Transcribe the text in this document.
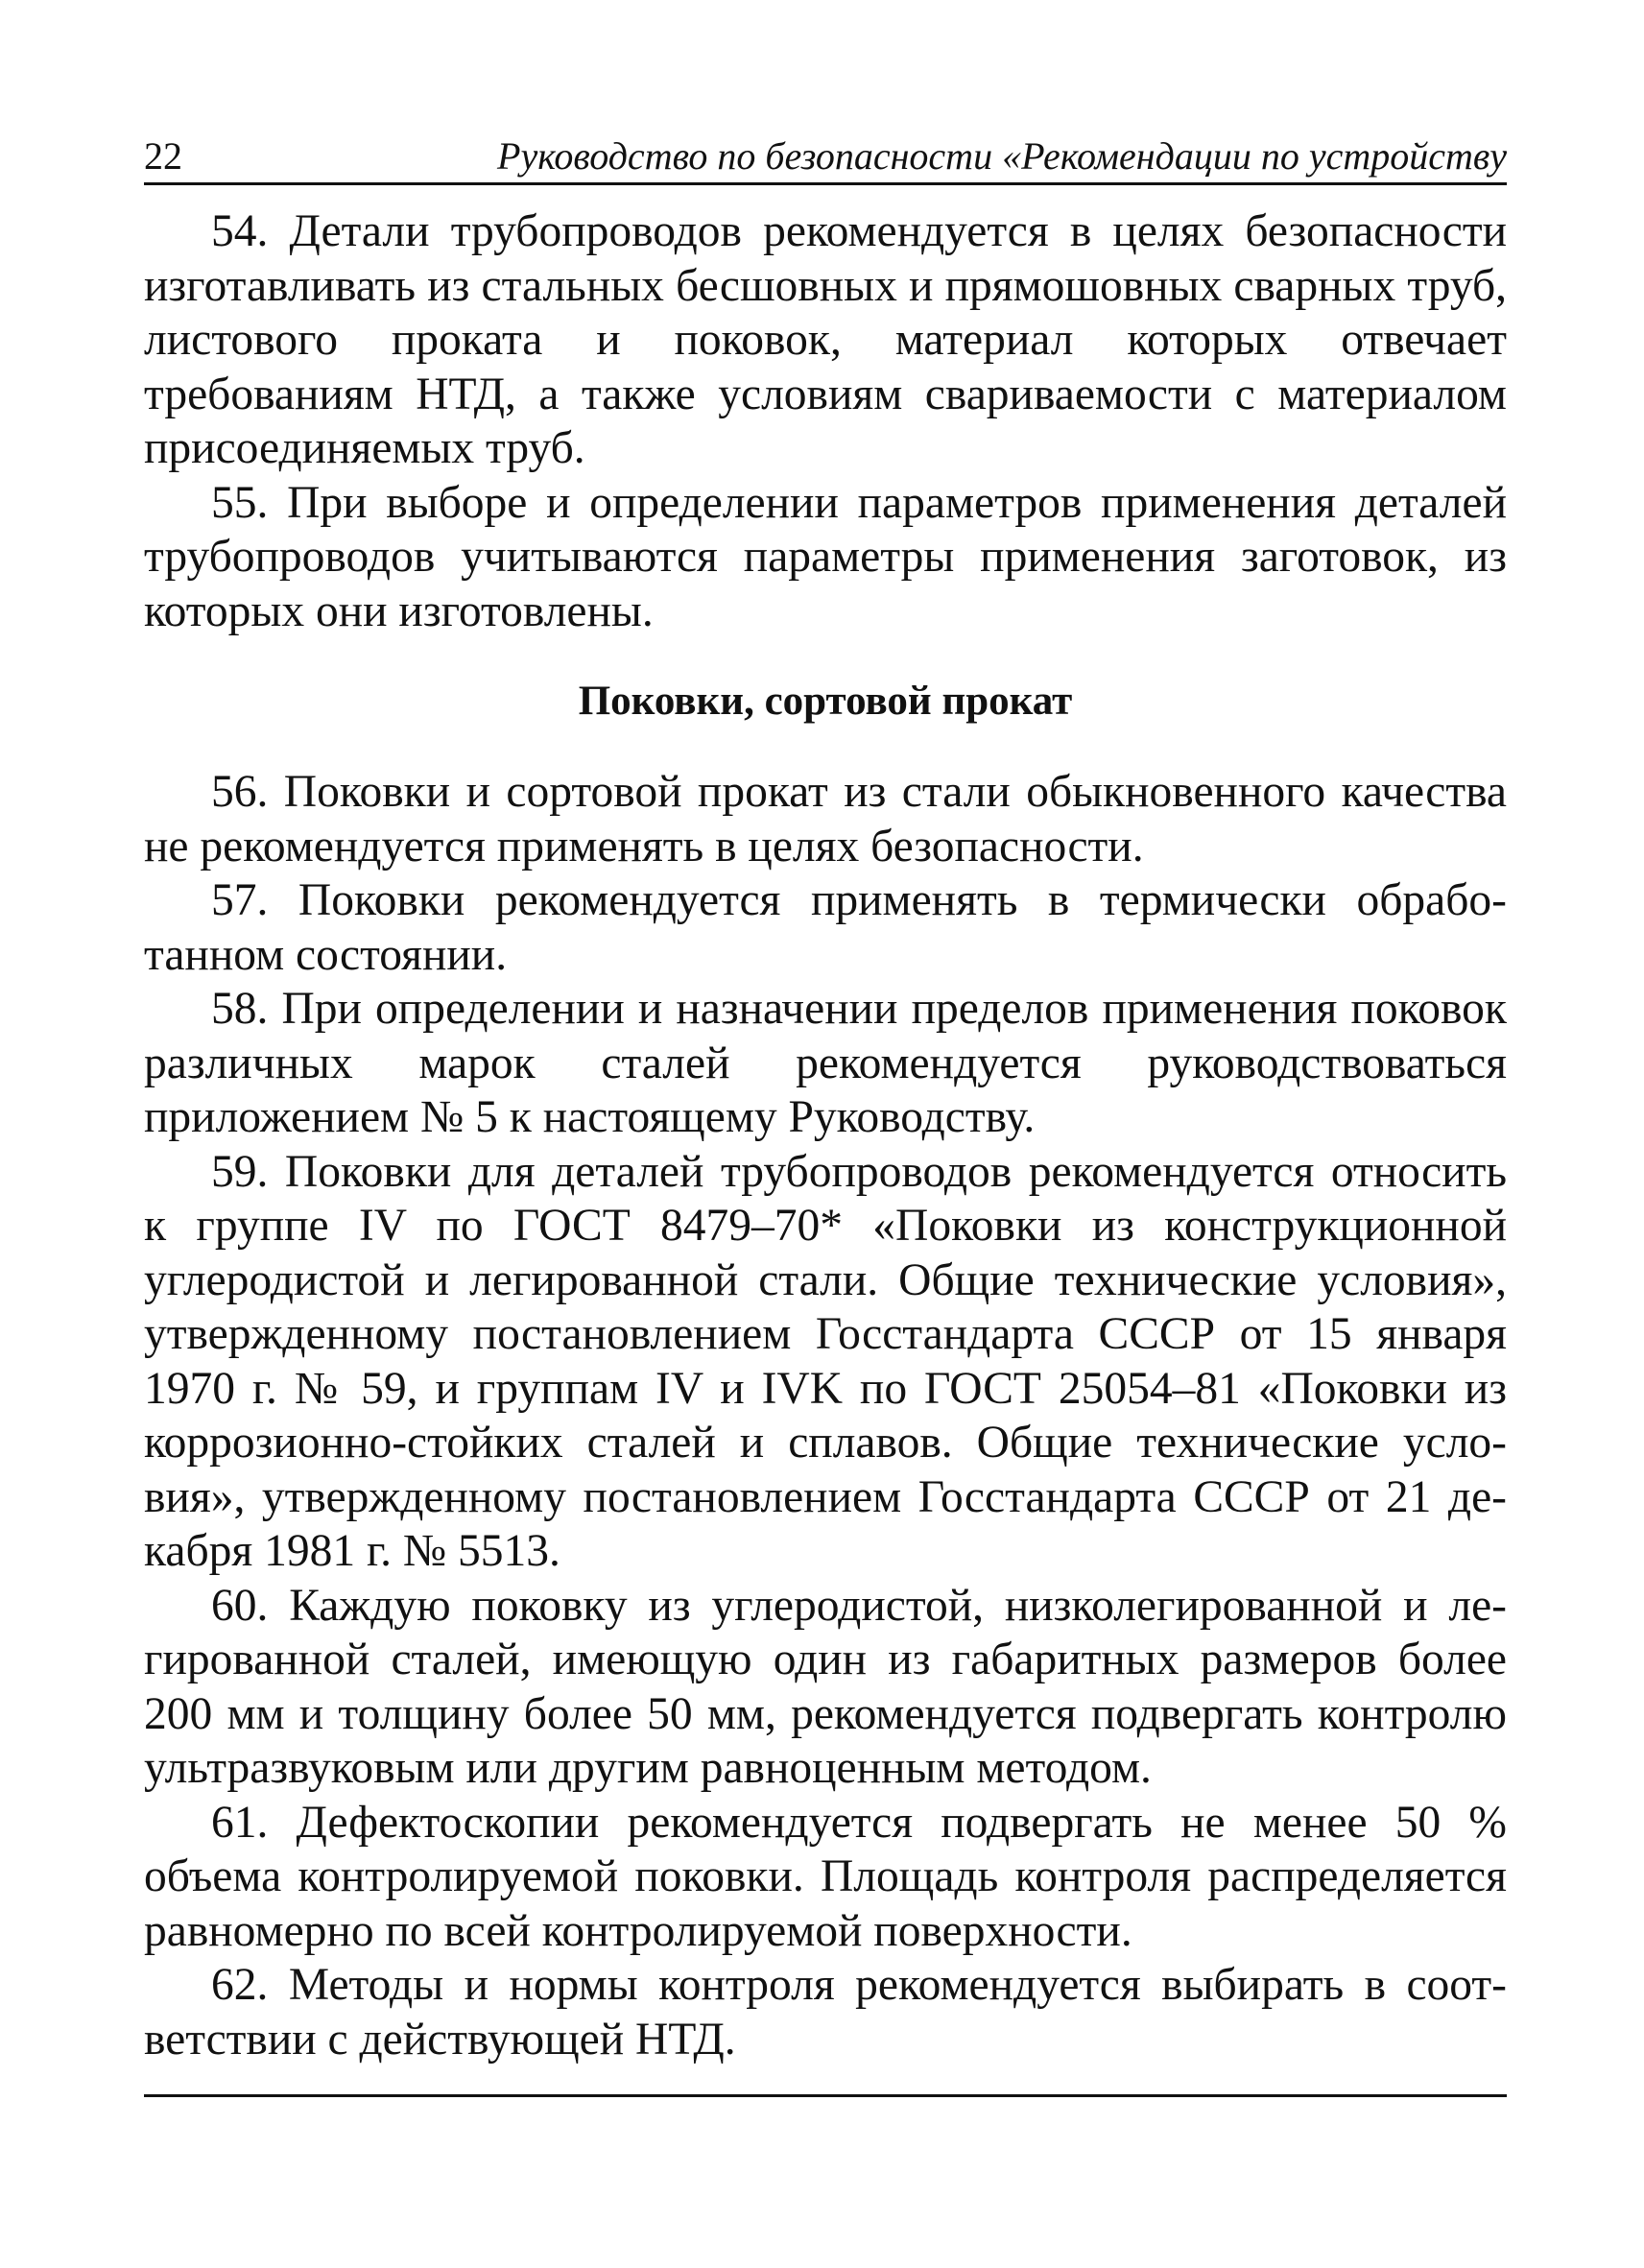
22	Руководство по безопасности «Рекомендации по устройству

54. Детали трубопроводов рекомендуется в целях безопасности изготавливать из стальных бесшовных и прямошовных сварных труб, листового проката и поковок, материал которых отвечает требованиям НТД, а также условиям свариваемости с материалом присоединяемых труб.

55. При выборе и определении параметров применения деталей трубопроводов учитываются параметры применения заготовок, из которых они изготовлены.

Поковки, сортовой прокат

56. Поковки и сортовой прокат из стали обыкновенного качества не рекомендуется применять в целях безопасности.

57. Поковки рекомендуется применять в термически обработанном состоянии.

58. При определении и назначении пределов применения поковок различных марок сталей рекомендуется руководствоваться приложением № 5 к настоящему Руководству.

59. Поковки для деталей трубопроводов рекомендуется относить к группе IV по ГОСТ 8479–70* «Поковки из конструкционной углеродистой и легированной стали. Общие технические условия», утвержденному постановлением Госстандарта СССР от 15 января 1970 г. № 59, и группам IV и IVK по ГОСТ 25054–81 «Поковки из коррозионно-стойких сталей и сплавов. Общие технические условия», утвержденному постановлением Госстандарта СССР от 21 декабря 1981 г. № 5513.

60. Каждую поковку из углеродистой, низколегированной и легированной сталей, имеющую один из габаритных размеров более 200 мм и толщину более 50 мм, рекомендуется подвергать контролю ультразвуковым или другим равноценным методом.

61. Дефектоскопии рекомендуется подвергать не менее 50 % объема контролируемой поковки. Площадь контроля распределяется равномерно по всей контролируемой поверхности.

62. Методы и нормы контроля рекомендуется выбирать в соответствии с действующей НТД.
